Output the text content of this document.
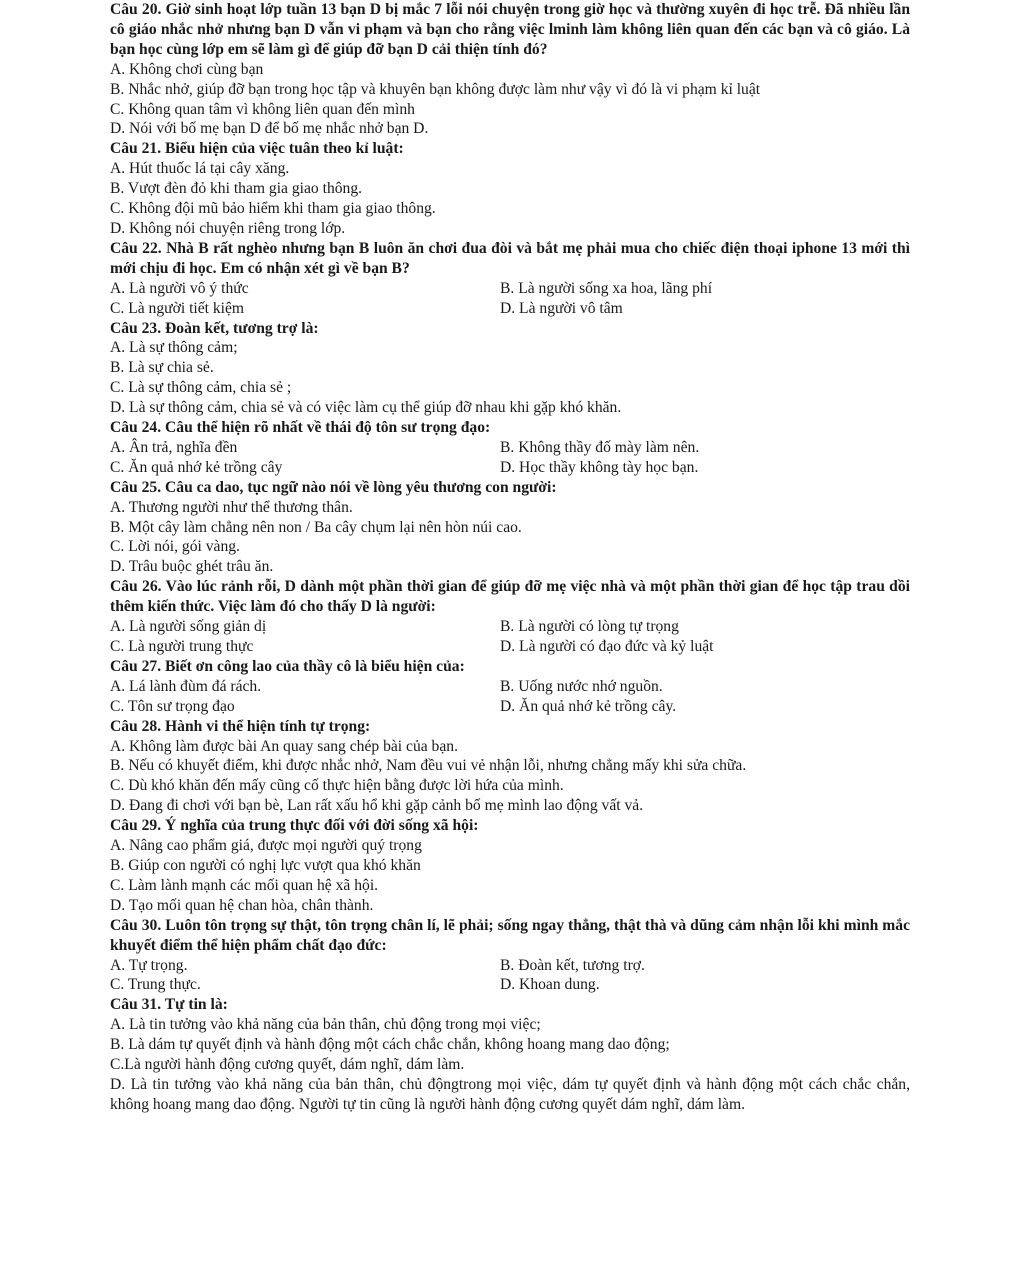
Câu 20. Giờ sinh hoạt lớp tuần 13 bạn D bị mắc 7 lỗi nói chuyện trong giờ học và thường xuyên đi học trễ. Đã nhiều lần cô giáo nhắc nhở nhưng bạn D vẫn vi phạm và bạn cho rằng việc lminh làm không liên quan đến các bạn và cô giáo. Là bạn học cùng lớp em sẽ làm gì để giúp đỡ bạn D cải thiện tính đó?

A. Không chơi cùng bạn

B. Nhắc nhở, giúp đỡ bạn trong học tập và khuyên bạn không được làm như vậy vì đó là vi phạm kỉ luật

C. Không quan tâm vì không liên quan đến mình

D. Nói với bố mẹ bạn D để bố mẹ nhắc nhở bạn D.

Câu 21. Biểu hiện của việc tuân theo kỉ luật:

A. Hút thuốc lá tại cây xăng.

B. Vượt đèn đỏ khi tham gia giao thông.

C. Không đội mũ bảo hiểm khi tham gia giao thông.

D. Không nói chuyện riêng trong lớp.

Câu 22. Nhà B rất nghèo nhưng bạn B luôn ăn chơi đua đòi và bắt mẹ phải mua cho chiếc điện thoại iphone 13 mới thì mới chịu đi học. Em có nhận xét gì về bạn B?

A. Là người vô ý thức	B. Là người sống xa hoa, lãng phí
C. Là người tiết kiệm	D. Là người vô tâm

Câu 23. Đoàn kết, tương trợ là:

A. Là sự thông cảm;

B. Là sự chia sẻ.

C. Là sự thông cảm, chia sẻ ;

D. Là sự thông cảm, chia sẻ và có việc làm cụ thể giúp đỡ nhau khi gặp khó khăn.

Câu 24. Câu thể hiện rõ nhất về thái độ tôn sư trọng đạo:

A. Ân trả, nghĩa đền	B. Không thầy đố mày làm nên.
C. Ăn quả nhớ kẻ trồng cây	D. Học thầy không tày học bạn.

Câu 25. Câu ca dao, tục ngữ nào nói về lòng yêu thương con người:

A. Thương người như thể thương thân.

B. Một cây làm chẳng nên non / Ba cây chụm lại nên hòn núi cao.

C. Lời nói, gói vàng.

D. Trâu buộc ghét trâu ăn.

Câu 26. Vào lúc rảnh rỗi, D dành một phần thời gian để giúp đỡ mẹ việc nhà và một phần thời gian để học tập trau dồi thêm kiến thức. Việc làm đó cho thấy D là người:

A. Là người sống giản dị	B. Là người có lòng tự trọng
C. Là người trung thực	D. Là người có đạo đức và kỷ luật

Câu 27. Biết ơn công lao của thầy cô là biểu hiện của:

A. Lá lành đùm đá rách.	B. Uống nước nhớ nguồn.
C. Tôn sư trọng đạo	D. Ăn quả nhớ kẻ trồng cây.

Câu 28. Hành vi thể hiện tính tự trọng:

A. Không làm được bài An quay sang chép bài của bạn.

B. Nếu có khuyết điểm, khi được nhắc nhở, Nam đều vui vẻ nhận lỗi, nhưng chẳng mấy khi sửa chữa.

C. Dù khó khăn đến mấy cũng cố thực hiện bằng được lời hứa của mình.

D. Đang đi chơi với bạn bè, Lan rất xấu hổ khi gặp cảnh bố mẹ mình lao động vất vả.

Câu 29. Ý nghĩa của trung thực đối với đời sống xã hội:

A. Nâng cao phẩm giá, được mọi người quý trọng

B. Giúp con người có nghị lực vượt qua khó khăn

C. Làm lành mạnh các mối quan hệ xã hội.

D. Tạo mối quan hệ chan hòa, chân thành.

Câu 30. Luôn tôn trọng sự thật, tôn trọng chân lí, lẽ phải; sống ngay thẳng, thật thà và dũng cảm nhận lỗi khi mình mắc khuyết điểm thể hiện phẩm chất đạo đức:

A. Tự trọng.	B. Đoàn kết, tương trợ.
C. Trung thực.	D. Khoan dung.

Câu 31. Tự tin là:

A. Là tin tưởng vào khả năng của bản thân, chủ động trong mọi việc;

B. Là dám tự quyết định và hành động một cách chắc chắn, không hoang mang dao động;

C.Là người hành động cương quyết, dám nghĩ, dám làm.

D. Là tin tưởng vào khả năng của bản thân, chủ độngtrong mọi việc, dám tự quyết định và hành động một cách chắc chắn, không hoang mang dao động. Người tự tin cũng là người hành động cương quyết dám nghĩ, dám làm.
